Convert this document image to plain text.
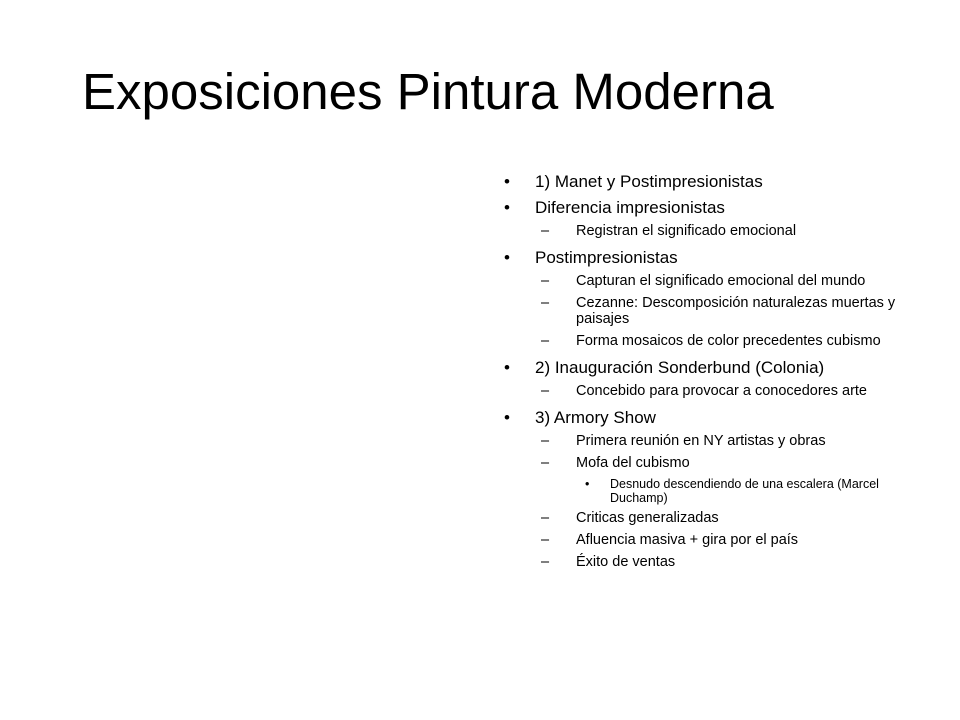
Exposiciones Pintura Moderna
• 1) Manet y Postimpresionistas
• Diferencia impresionistas
– Registran el significado emocional
• Postimpresionistas
– Capturan el significado emocional del mundo
– Cezanne: Descomposición naturalezas muertas y paisajes
– Forma mosaicos de color precedentes cubismo
• 2) Inauguración Sonderbund (Colonia)
– Concebido para provocar a conocedores arte
• 3) Armory Show
– Primera reunión en NY artistas y obras
– Mofa del cubismo
• Desnudo descendiendo de una escalera (Marcel Duchamp)
– Criticas generalizadas
– Afluencia masiva + gira por el país
– Éxito de ventas
